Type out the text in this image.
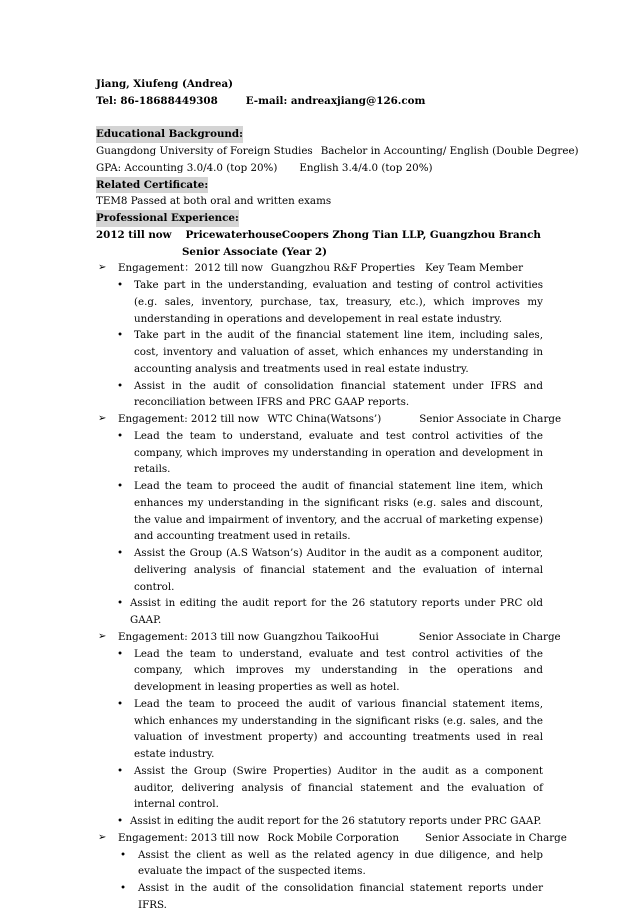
Jiang, Xiufeng (Andrea)
Tel: 86-18688449308	E-mail: andreaxjiang@126.com
Educational Background:
Guangdong University of Foreign Studies Bachelor in Accounting/ English (Double Degree)
GPA: Accounting 3.0/4.0 (top 20%) English 3.4/4.0 (top 20%)
Related Certificate:
TEM8 Passed at both oral and written exams
Professional Experience:
2012 till now PricewaterhouseCoopers Zhong Tian LLP, Guangzhou Branch
Senior Associate (Year 2)
➢ Engagement：2012 till now Guangzhou R&F Properties Key Team Member
• Take part in the understanding, evaluation and testing of control activities (e.g. sales, inventory, purchase, tax, treasury, etc.), which improves my understanding in operations and developement in real estate industry.
• Take part in the audit of the financial statement line item, including sales, cost, inventory and valuation of asset, which enhances my understanding in accounting analysis and treatments used in real estate industry.
• Assist in the audit of consolidation financial statement under IFRS and reconciliation between IFRS and PRC GAAP reports.
➢ Engagement: 2012 till now WTC China(Watsons’)	Senior Associate in Charge
• Lead the team to understand, evaluate and test control activities of the company, which improves my understanding in operation and development in retails.
• Lead the team to proceed the audit of financial statement line item, which enhances my understanding in the significant risks (e.g. sales and discount, the value and impairment of inventory, and the accrual of marketing expense) and accounting treatment used in retails.
• Assist the Group (A.S Watson’s) Auditor in the audit as a component auditor, delivering analysis of financial statement and the evaluation of internal control.
• Assist in editing the audit report for the 26 statutory reports under PRC old GAAP.
➢ Engagement: 2013 till now Guangzhou TaikooHui	Senior Associate in Charge
• Lead the team to understand, evaluate and test control activities of the company, which improves my understanding in the operations and development in leasing properties as well as hotel.
• Lead the team to proceed the audit of various financial statement items, which enhances my understanding in the significant risks (e.g. sales, and the valuation of investment property) and accounting treatments used in real estate industry.
• Assist the Group (Swire Properties) Auditor in the audit as a component auditor, delivering analysis of financial statement and the evaluation of internal control.
• Assist in editing the audit report for the 26 statutory reports under PRC GAAP.
➢ Engagement: 2013 till now Rock Mobile Corporation	Senior Associate in Charge
• Assist the client as well as the related agency in due diligence, and help evaluate the impact of the suspected items.
• Assist in the audit of the consolidation financial statement reports under IFRS.
